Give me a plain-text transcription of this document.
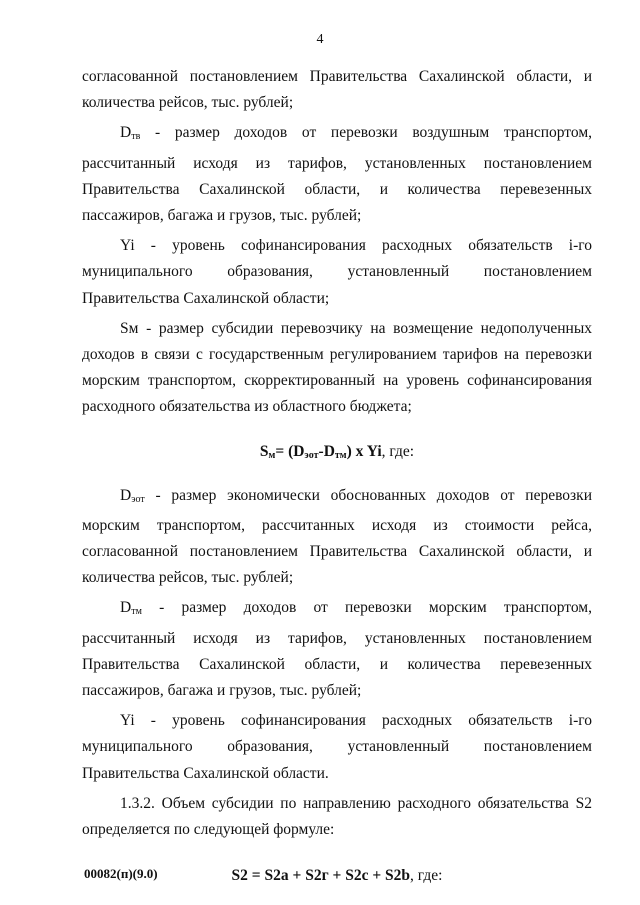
4

согласованной постановлением Правительства Сахалинской области, и количества рейсов, тыс. рублей;

$D_{тв}$ - размер доходов от перевозки воздушным транспортом, рассчитанный исходя из тарифов, установленных постановлением Правительства Сахалинской области, и количества перевезенных пассажиров, багажа и грузов, тыс. рублей;

Yi - уровень софинансирования расходных обязательств i-го муниципального образования, установленный постановлением Правительства Сахалинской области;

Sм - размер субсидии перевозчику на возмещение недополученных доходов в связи с государственным регулированием тарифов на перевозки морским транспортом, скорректированный на уровень софинансирования расходного обязательства из областного бюджета;

$S_м= (D_{эот}-D_{тм})$ x Yi, где:

$D_{эот}$ - размер экономически обоснованных доходов от перевозки морским транспортом, рассчитанных исходя из стоимости рейса, согласованной постановлением Правительства Сахалинской области, и количества рейсов, тыс. рублей;

$D_{тм}$ - размер доходов от перевозки морским транспортом, рассчитанный исходя из тарифов, установленных постановлением Правительства Сахалинской области, и количества перевезенных пассажиров, багажа и грузов, тыс. рублей;

Yi - уровень софинансирования расходных обязательств i-го муниципального образования, установленный постановлением Правительства Сахалинской области.

1.3.2. Объем субсидии по направлению расходного обязательства S2 определяется по следующей формуле:

S2 = S2a + S2г + S2c + S2b, где:

00082(п)(9.0)
